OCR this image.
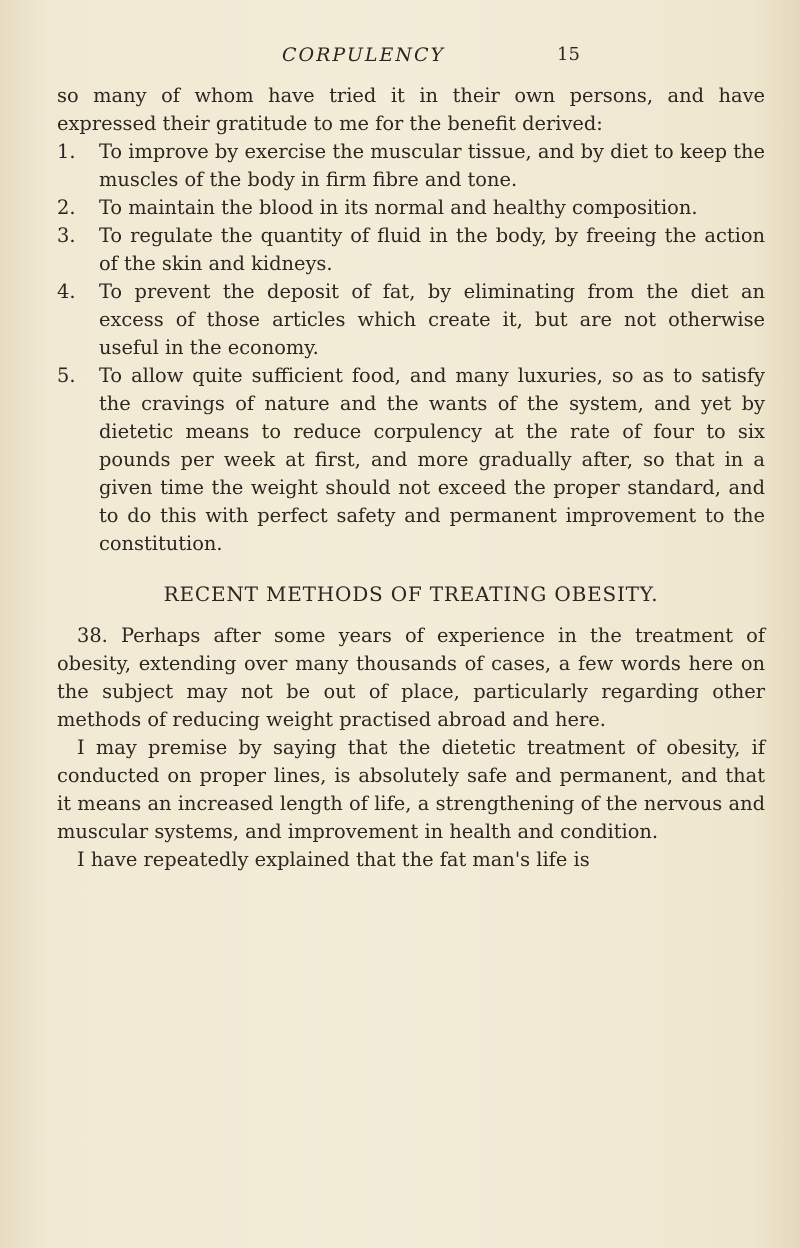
CORPULENCY	15

so many of whom have tried it in their own persons, and have expressed their gratitude to me for the benefit derived:

1. To improve by exercise the muscular tissue, and by diet to keep the muscles of the body in firm fibre and tone.
2. To maintain the blood in its normal and healthy composition.
3. To regulate the quantity of fluid in the body, by freeing the action of the skin and kidneys.
4. To prevent the deposit of fat, by eliminating from the diet an excess of those articles which create it, but are not otherwise useful in the economy.
5. To allow quite sufficient food, and many luxuries, so as to satisfy the cravings of nature and the wants of the system, and yet by dietetic means to reduce corpulency at the rate of four to six pounds per week at first, and more gradually after, so that in a given time the weight should not exceed the proper standard, and to do this with perfect safety and permanent improvement to the constitution.
RECENT METHODS OF TREATING OBESITY.

38. Perhaps after some years of experience in the treatment of obesity, extending over many thousands of cases, a few words here on the subject may not be out of place, particularly regarding other methods of reducing weight practised abroad and here.

I may premise by saying that the dietetic treatment of obesity, if conducted on proper lines, is absolutely safe and permanent, and that it means an increased length of life, a strengthening of the nervous and muscular systems, and improvement in health and condition.

I have repeatedly explained that the fat man's life is
